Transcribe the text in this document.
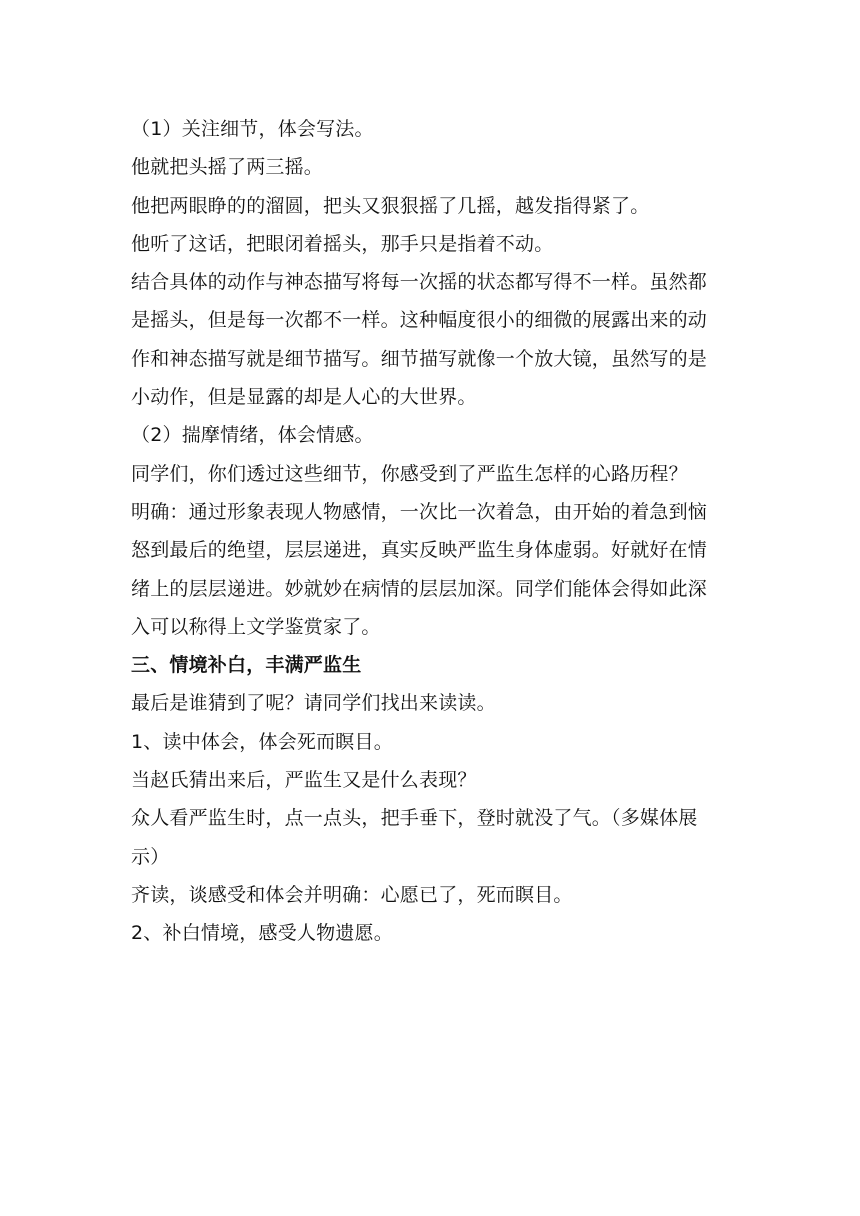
（1）关注细节，体会写法。
他就把头摇了两三摇。
他把两眼睁的的溜圆，把头又狠狠摇了几摇，越发指得紧了。
他听了这话，把眼闭着摇头，那手只是指着不动。
结合具体的动作与神态描写将每一次摇的状态都写得不一样。虽然都
是摇头，但是每一次都不一样。这种幅度很小的细微的展露出来的动
作和神态描写就是细节描写。细节描写就像一个放大镜，虽然写的是
小动作，但是显露的却是人心的大世界。
（2）揣摩情绪，体会情感。
同学们，你们透过这些细节，你感受到了严监生怎样的心路历程？
明确：通过形象表现人物感情，一次比一次着急，由开始的着急到恼
怒到最后的绝望，层层递进，真实反映严监生身体虚弱。好就好在情
绪上的层层递进。妙就妙在病情的层层加深。同学们能体会得如此深
入可以称得上文学鉴赏家了。
三、情境补白，丰满严监生
最后是谁猜到了呢？请同学们找出来读读。
1、读中体会，体会死而瞑目。
当赵氏猜出来后，严监生又是什么表现？
众人看严监生时，点一点头，把手垂下，登时就没了气。（多媒体展
示）
齐读，谈感受和体会并明确：心愿已了，死而瞑目。
2、补白情境，感受人物遗愿。
